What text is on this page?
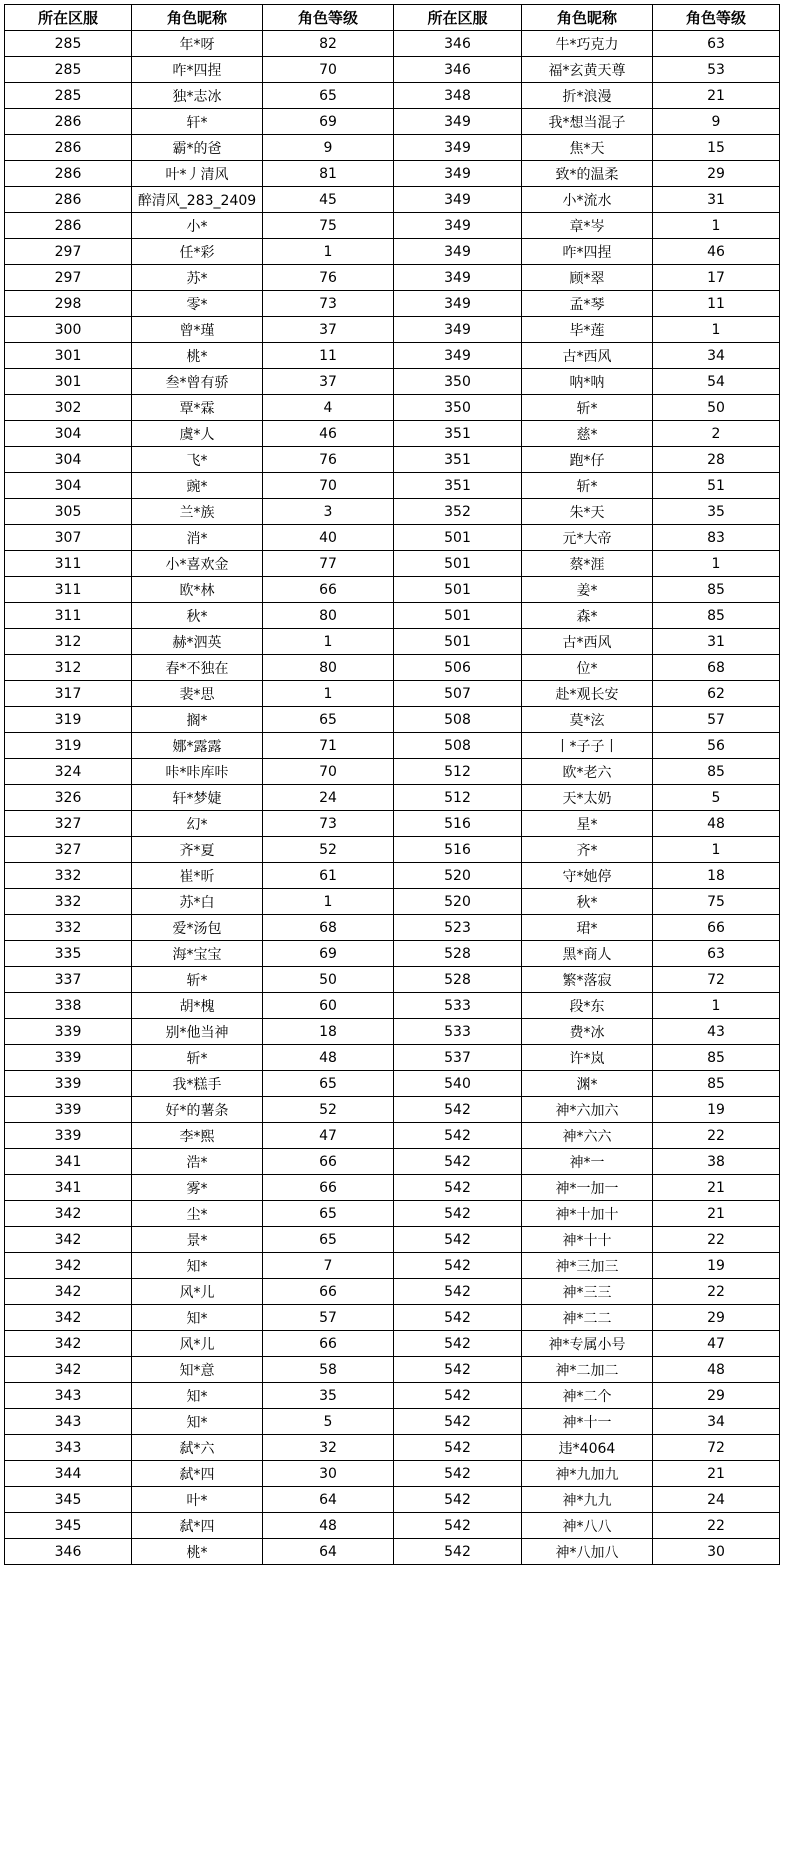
所在区服	角色昵称	角色等级	所在区服	角色昵称	角色等级
285	年*呀	82	346	牛*巧克力	63
285	咋*四捏	70	346	福*玄黄天尊	53
285	独*志冰	65	348	折*浪漫	21
286	轩*	69	349	我*想当混子	9
286	霸*的爸	9	349	焦*天	15
286	叶*丿清风	81	349	致*的温柔	29
286	醉清风_283_2409	45	349	小*流水	31
286	小*	75	349	章*岑	1
297	任*彩	1	349	咋*四捏	46
297	苏*	76	349	顾*翠	17
298	零*	73	349	孟*琴	11
300	曾*瑾	37	349	毕*莲	1
301	桃*	11	349	古*西风	34
301	叁*曾有骄	37	350	呐*呐	54
302	覃*霖	4	350	斩*	50
304	虞*人	46	351	慈*	2
304	飞*	76	351	跑*仔	28
304	豌*	70	351	斩*	51
305	兰*族	3	352	朱*天	35
307	消*	40	501	元*大帝	83
311	小*喜欢金	77	501	蔡*涯	1
311	欧*林	66	501	姜*	85
311	秋*	80	501	森*	85
312	赫*泗英	1	501	古*西风	31
312	春*不独在	80	506	位*	68
317	裴*思	1	507	赴*观长安	62
319	搁*	65	508	莫*泫	57
319	娜*露露	71	508	丨*子子丨	56
324	咔*咔库咔	70	512	欧*老六	85
326	轩*梦婕	24	512	天*太奶	5
327	幻*	73	516	星*	48
327	齐*夏	52	516	齐*	1
332	崔*昕	61	520	守*她停	18
332	苏*白	1	520	秋*	75
332	爱*汤包	68	523	珺*	66
335	海*宝宝	69	528	黑*商人	63
337	斩*	50	528	繁*落寂	72
338	胡*槐	60	533	段*东	1
339	别*他当神	18	533	费*冰	43
339	斩*	48	537	许*岚	85
339	我*糕手	65	540	渊*	85
339	好*的薯条	52	542	神*六加六	19
339	李*熙	47	542	神*六六	22
341	浩*	66	542	神*一	38
341	雾*	66	542	神*一加一	21
342	尘*	65	542	神*十加十	21
342	景*	65	542	神*十十	22
342	知*	7	542	神*三加三	19
342	风*儿	66	542	神*三三	22
342	知*	57	542	神*二二	29
342	风*儿	66	542	神*专属小号	47
342	知*意	58	542	神*二加二	48
343	知*	35	542	神*二个	29
343	知*	5	542	神*十一	34
343	弑*六	32	542	违*4064	72
344	弑*四	30	542	神*九加九	21
345	叶*	64	542	神*九九	24
345	弑*四	48	542	神*八八	22
346	桃*	64	542	神*八加八	30
